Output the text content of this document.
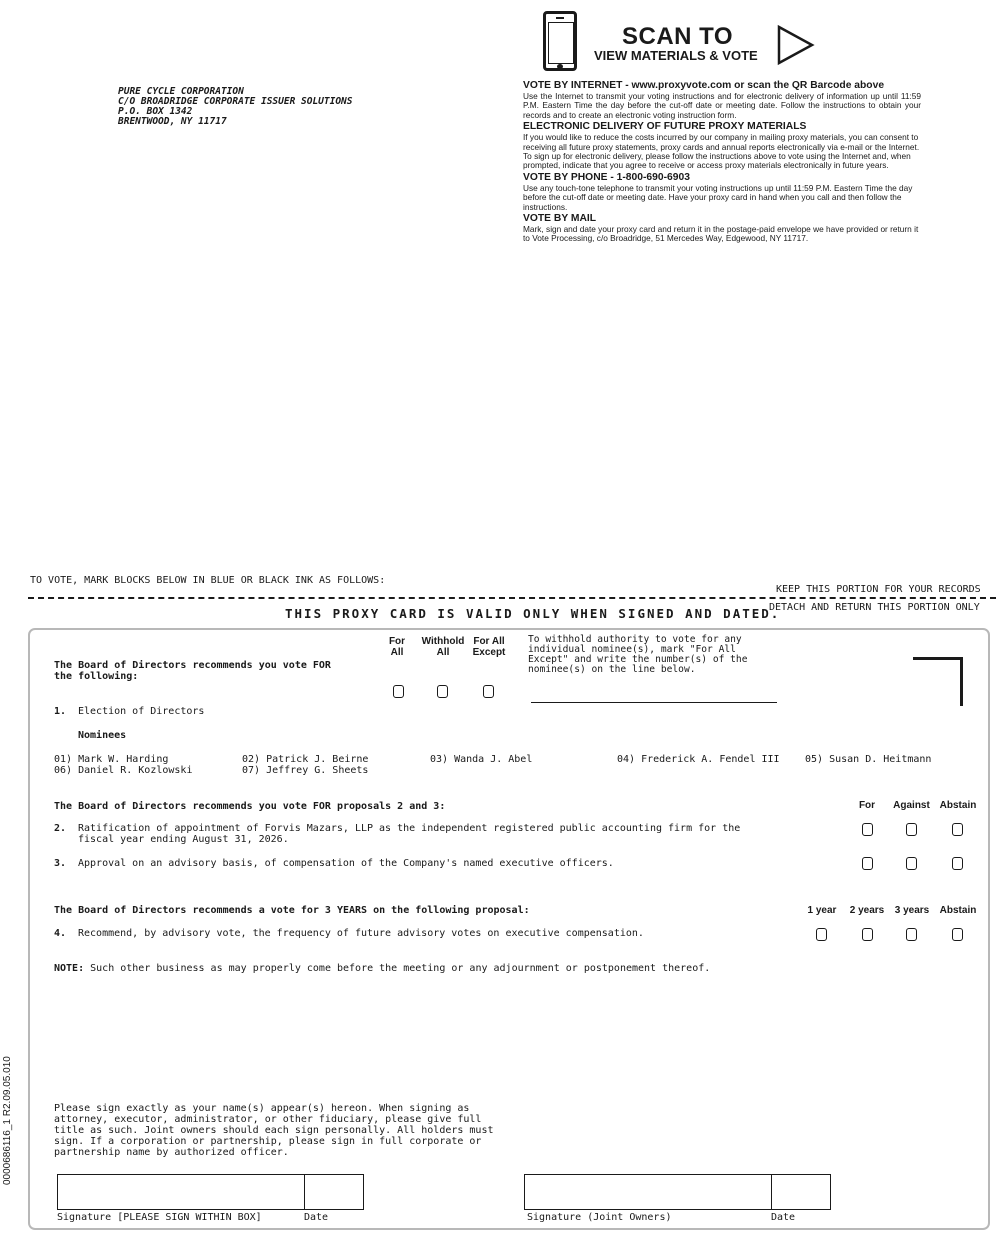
PURE CYCLE CORPORATION
C/O BROADRIDGE CORPORATE ISSUER SOLUTIONS
P.O. BOX 1342
BRENTWOOD, NY 11717
SCAN TO
VIEW MATERIALS & VOTE
VOTE BY INTERNET - www.proxyvote.com or scan the QR Barcode above

Use the Internet to transmit your voting instructions and for electronic delivery of information up until 11:59 P.M. Eastern Time the day before the cut-off date or meeting date. Follow the instructions to obtain your records and to create an electronic voting instruction form.

ELECTRONIC DELIVERY OF FUTURE PROXY MATERIALS

If you would like to reduce the costs incurred by our company in mailing proxy materials, you can consent to receiving all future proxy statements, proxy cards and annual reports electronically via e-mail or the Internet. To sign up for electronic delivery, please follow the instructions above to vote using the Internet and, when prompted, indicate that you agree to receive or access proxy materials electronically in future years.

VOTE BY PHONE - 1-800-690-6903

Use any touch-tone telephone to transmit your voting instructions up until 11:59 P.M. Eastern Time the day before the cut-off date or meeting date. Have your proxy card in hand when you call and then follow the instructions.

VOTE BY MAIL

Mark, sign and date your proxy card and return it in the postage-paid envelope we have provided or return it to Vote Processing, c/o Broadridge, 51 Mercedes Way, Edgewood, NY 11717.

TO VOTE, MARK BLOCKS BELOW IN BLUE OR BLACK INK AS FOLLOWS:
KEEP THIS PORTION FOR YOUR RECORDS
DETACH AND RETURN THIS PORTION ONLY
THIS PROXY CARD IS VALID ONLY WHEN SIGNED AND DATED.
The Board of Directors recommends you vote FOR
the following:
For
All
Withhold
All
For All
Except
To withhold authority to vote for any
individual nominee(s), mark "For All
Except" and write the number(s) of the
nominee(s) on the line below.
1. Election of Directors
Nominees
01) Mark W. Harding	02) Patrick J. Beirne	03) Wanda J. Abel	04) Frederick A. Fendel III	05) Susan D. Heitmann
06) Daniel R. Kozlowski	07) Jeffrey G. Sheets
The Board of Directors recommends you vote FOR proposals 2 and 3:	For	Against Abstain
2. Ratification of appointment of Forvis Mazars, LLP as the independent registered public accounting firm for the
fiscal year ending August 31, 2026.
3. Approval on an advisory basis, of compensation of the Company's named executive officers.
The Board of Directors recommends a vote for 3 YEARS on the following proposal:	1 year	2 years	3 years	Abstain
4. Recommend, by advisory vote, the frequency of future advisory votes on executive compensation.
NOTE: Such other business as may properly come before the meeting or any adjournment or postponement thereof.
Please sign exactly as your name(s) appear(s) hereon. When signing as
attorney, executor, administrator, or other fiduciary, please give full
title as such. Joint owners should each sign personally. All holders must
sign. If a corporation or partnership, please sign in full corporate or
partnership name by authorized officer.
Signature [PLEASE SIGN WITHIN BOX]	Date	Signature (Joint Owners)	Date
0000686116_1 R2.09.05.010
